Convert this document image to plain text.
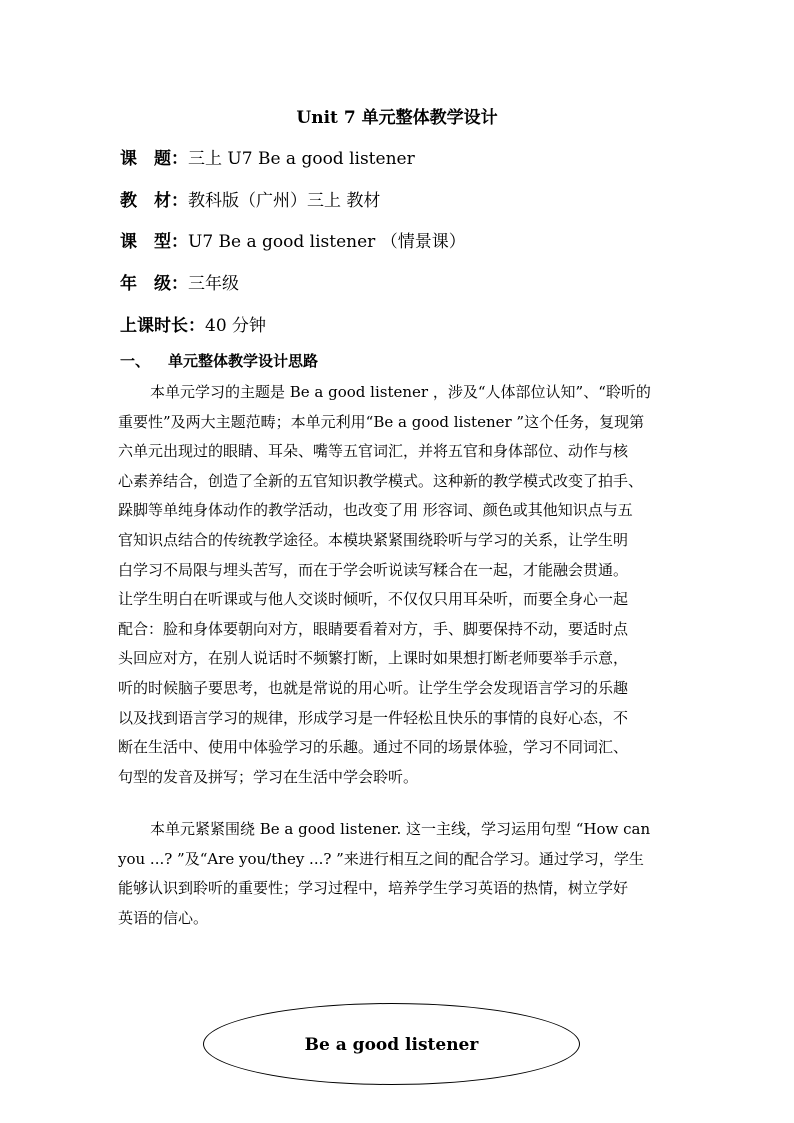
Unit 7 单元整体教学设计
课　题：三上 U7 Be a good listener
教　材：教科版（广州）三上 教材
课　型：U7 Be a good listener （情景课）
年　级：三年级
上课时长：40 分钟
一、 单元整体教学设计思路
本单元学习的主题是 Be a good listener ，涉及“人体部位认知”、“聆听的
重要性”及两大主题范畴；本单元利用“Be a good listener ”这个任务，复现第
六单元出现过的眼睛、耳朵、嘴等五官词汇，并将五官和身体部位、动作与核
心素养结合，创造了全新的五官知识教学模式。这种新的教学模式改变了拍手、
跺脚等单纯身体动作的教学活动，也改变了用 形容词、颜色或其他知识点与五
官知识点结合的传统教学途径。本模块紧紧围绕聆听与学习的关系，让学生明
白学习不局限与埋头苦写，而在于学会听说读写糅合在一起，才能融会贯通。
让学生明白在听课或与他人交谈时倾听，不仅仅只用耳朵听，而要全身心一起
配合：脸和身体要朝向对方，眼睛要看着对方，手、脚要保持不动，要适时点
头回应对方，在别人说话时不频繁打断，上课时如果想打断老师要举手示意，
听的时候脑子要思考，也就是常说的用心听。让学生学会发现语言学习的乐趣
以及找到语言学习的规律，形成学习是一件轻松且快乐的事情的良好心态，不
断在生活中、使用中体验学习的乐趣。通过不同的场景体验，学习不同词汇、
句型的发音及拼写；学习在生活中学会聆听。
本单元紧紧围绕 Be a good listener. 这一主线，学习运用句型 “How can
you ...? ”及“Are you/they ...? ”来进行相互之间的配合学习。通过学习，学生
能够认识到聆听的重要性；学习过程中，培养学生学习英语的热情，树立学好
英语的信心。
Be a good listener
